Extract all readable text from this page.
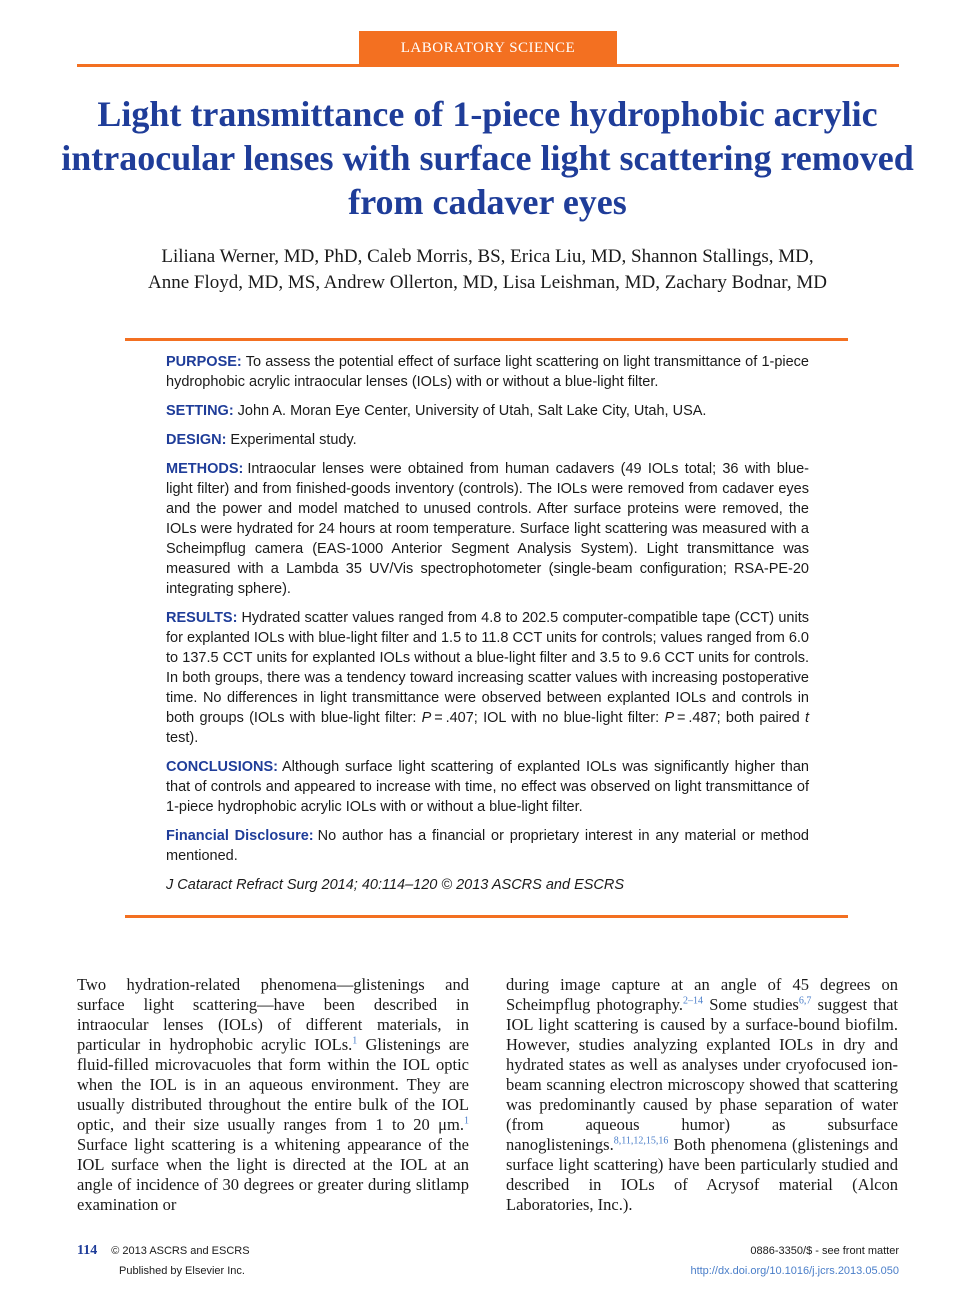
LABORATORY SCIENCE
Light transmittance of 1-piece hydrophobic acrylic intraocular lenses with surface light scattering removed from cadaver eyes
Liliana Werner, MD, PhD, Caleb Morris, BS, Erica Liu, MD, Shannon Stallings, MD,
Anne Floyd, MD, MS, Andrew Ollerton, MD, Lisa Leishman, MD, Zachary Bodnar, MD

PURPOSE: To assess the potential effect of surface light scattering on light transmittance of 1-piece hydrophobic acrylic intraocular lenses (IOLs) with or without a blue-light filter.

SETTING: John A. Moran Eye Center, University of Utah, Salt Lake City, Utah, USA.

DESIGN: Experimental study.

METHODS: Intraocular lenses were obtained from human cadavers (49 IOLs total; 36 with blue-light filter) and from finished-goods inventory (controls). The IOLs were removed from cadaver eyes and the power and model matched to unused controls. After surface proteins were removed, the IOLs were hydrated for 24 hours at room temperature. Surface light scattering was measured with a Scheimpflug camera (EAS-1000 Anterior Segment Analysis System). Light transmittance was measured with a Lambda 35 UV/Vis spectrophotometer (single-beam configuration; RSA-PE-20 integrating sphere).

RESULTS: Hydrated scatter values ranged from 4.8 to 202.5 computer-compatible tape (CCT) units for explanted IOLs with blue-light filter and 1.5 to 11.8 CCT units for controls; values ranged from 6.0 to 137.5 CCT units for explanted IOLs without a blue-light filter and 3.5 to 9.6 CCT units for controls. In both groups, there was a tendency toward increasing scatter values with increasing postoperative time. No differences in light transmittance were observed between explanted IOLs and controls in both groups (IOLs with blue-light filter: P = .407; IOL with no blue-light filter: P = .487; both paired t test).

CONCLUSIONS: Although surface light scattering of explanted IOLs was significantly higher than that of controls and appeared to increase with time, no effect was observed on light transmittance of 1-piece hydrophobic acrylic IOLs with or without a blue-light filter.

Financial Disclosure: No author has a financial or proprietary interest in any material or method mentioned.

J Cataract Refract Surg 2014; 40:114–120 © 2013 ASCRS and ESCRS

Two hydration-related phenomena—glistenings and surface light scattering—have been described in intraocular lenses (IOLs) of different materials, in particular in hydrophobic acrylic IOLs.$^1$ Glistenings are fluid-filled microvacuoles that form within the IOL optic when the IOL is in an aqueous environment. They are usually distributed throughout the entire bulk of the IOL optic, and their size usually ranges from 1 to 20 μm.$^1$ Surface light scattering is a whitening appearance of the IOL surface when the light is directed at the IOL at an angle of incidence of 30 degrees or greater during slitlamp examination or

during image capture at an angle of 45 degrees on Scheimpflug photography.$^{2-14}$ Some studies$^{6,7}$ suggest that IOL light scattering is caused by a surface-bound biofilm. However, studies analyzing explanted IOLs in dry and hydrated states as well as analyses under cryofocused ion-beam scanning electron microscopy showed that scattering was predominantly caused by phase separation of water (from aqueous humor) as subsurface nanoglistenings.$^{8,11,12,15,16}$ Both phenomena (glistenings and surface light scattering) have been particularly studied and described in IOLs of Acrysof material (Alcon Laboratories, Inc.).

114 © 2013 ASCRS and ESCRS
Published by Elsevier Inc.
0886-3350/$ - see front matter
http://dx.doi.org/10.1016/j.jcrs.2013.05.050
